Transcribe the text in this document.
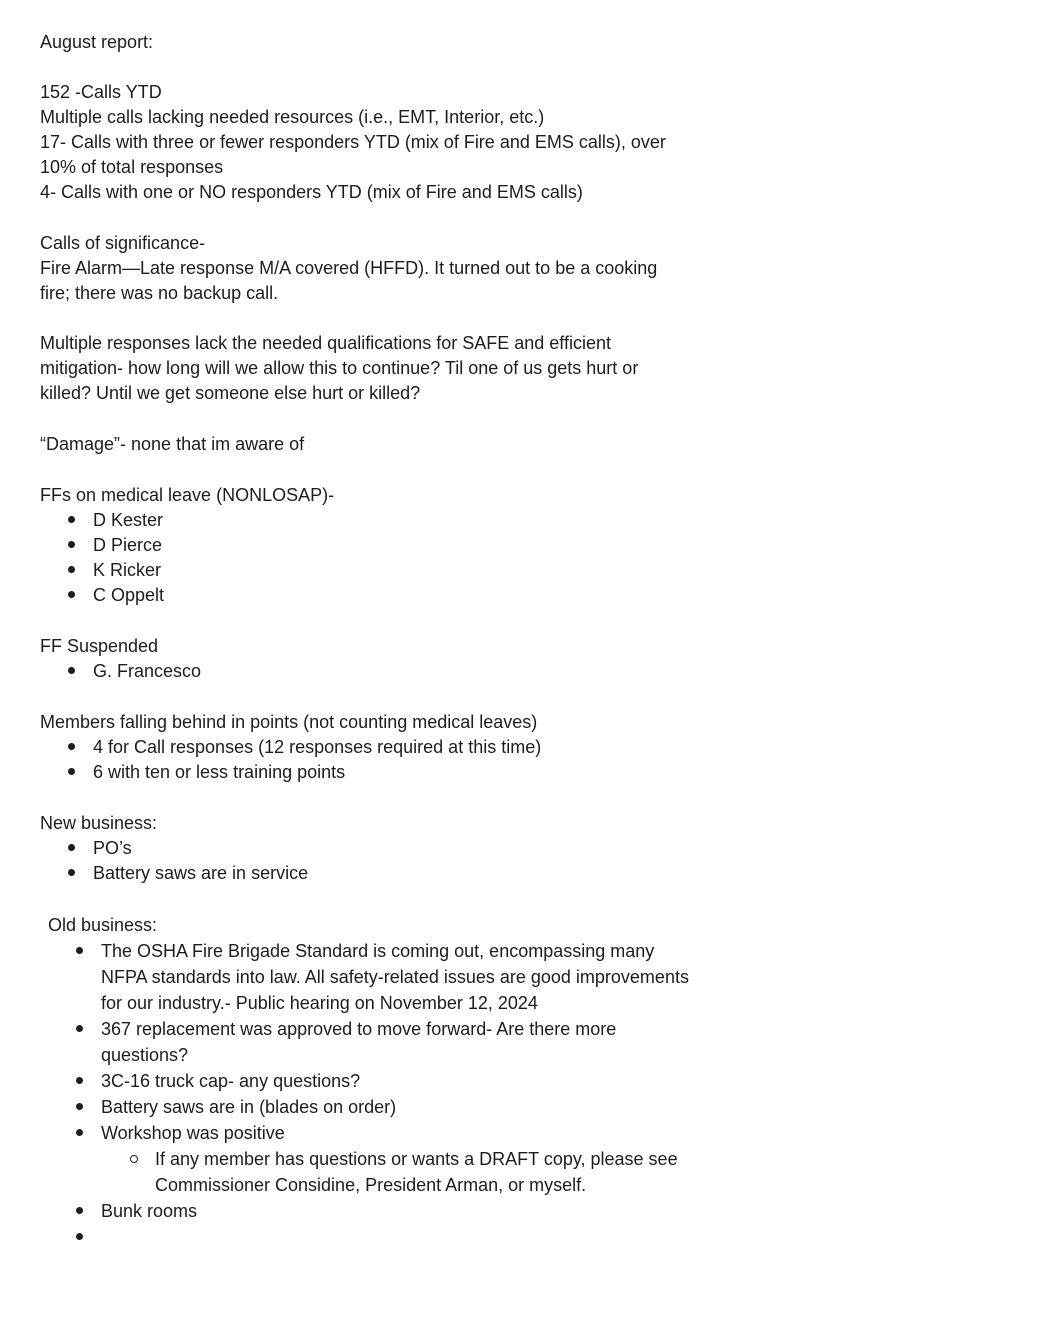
August report:
152 -Calls YTD
Multiple calls lacking needed resources (i.e., EMT, Interior, etc.)
17- Calls with three or fewer responders YTD (mix of Fire and EMS calls), over
10% of total responses
4- Calls with one or NO responders YTD (mix of Fire and EMS calls)
Calls of significance-
Fire Alarm—Late response M/A covered (HFFD). It turned out to be a cooking
fire; there was no backup call.
Multiple responses lack the needed qualifications for SAFE and efficient
mitigation- how long will we allow this to continue? Til one of us gets hurt or
killed? Until we get someone else hurt or killed?
“Damage”- none that im aware of
FFs on medical leave (NONLOSAP)-
D Kester
D Pierce
K Ricker
C Oppelt
FF Suspended
G. Francesco
Members falling behind in points (not counting medical leaves)
4 for Call responses (12 responses required at this time)
6 with ten or less training points
New business:
PO’s
Battery saws are in service
Old business:
The OSHA Fire Brigade Standard is coming out, encompassing many
NFPA standards into law. All safety-related issues are good improvements
for our industry.- Public hearing on November 12, 2024
367 replacement was approved to move forward- Are there more
questions?
3C-16 truck cap- any questions?
Battery saws are in (blades on order)
Workshop was positive
If any member has questions or wants a DRAFT copy, please see
Commissioner Considine, President Arman, or myself.
Bunk rooms
